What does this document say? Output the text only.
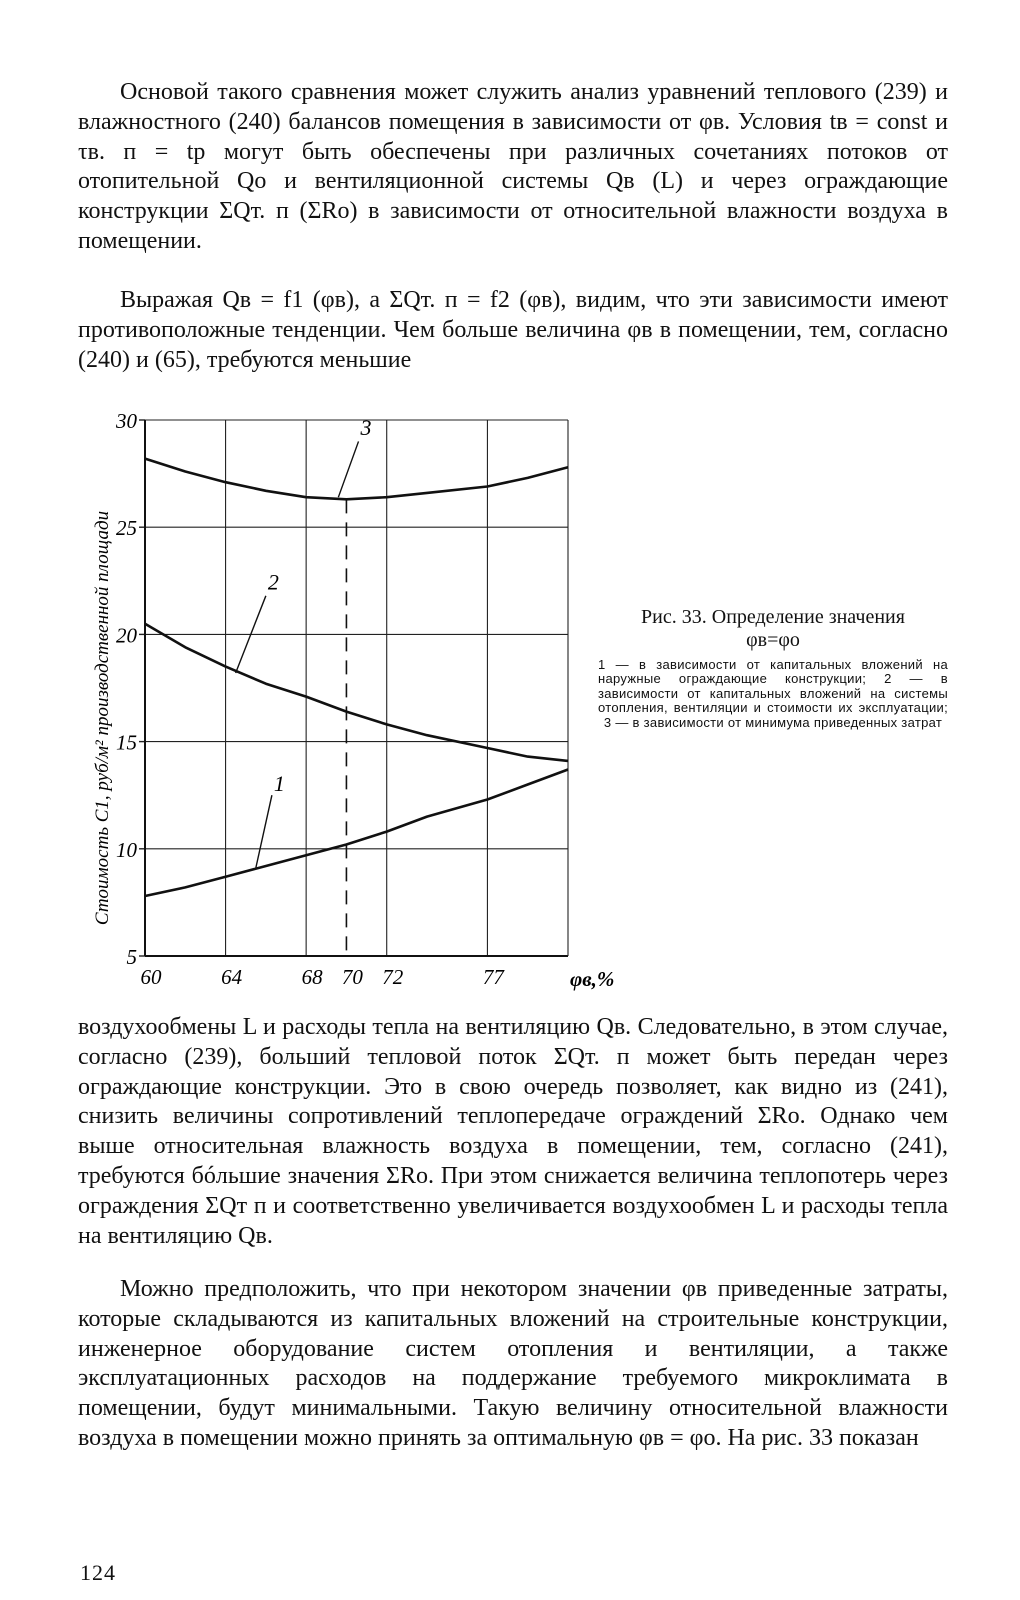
Основой такого сравнения может служить анализ уравнений теплового (239) и влажностного (240) балансов помещения в зависимости от φв. Условия tв = const и τв. п = tр могут быть обеспечены при различных сочетаниях потоков от отопительной Qо и вентиляционной системы Qв (L) и через ограждающие конструкции ΣQт. п (ΣRо) в зависимости от относительной влажности воздуха в помещении.

Выражая Qв = f1 (φв), а ΣQт. п = f2 (φв), видим, что эти зависимости имеют противоположные тенденции. Чем больше величина φв в помещении, тем, согласно (240) и (65), требуются меньшие

5
10
15
20
25
30
60	64	68 70 72	77	φв,%
Стоимость С1, руб/м² производственной площади	1
2
3

Рис. 33. Определение значения
φв=φо

1 — в зависимости от капитальных вложений на наружные ограждающие конструкции; 2 — в зависимости от капитальных вложений на системы отопления, вентиляции и стоимости их эксплуатации; 3 — в зависимости от минимума приведенных затрат

воздухообмены L и расходы тепла на вентиляцию Qв. Следовательно, в этом случае, согласно (239), больший тепловой поток ΣQт. п может быть передан через ограждающие конструкции. Это в свою очередь позволяет, как видно из (241), снизить величины сопротивлений теплопередаче ограждений ΣRо. Однако чем выше относительная влажность воздуха в помещении, тем, согласно (241), требуются бóльшие значения ΣRо. При этом снижается величина теплопотерь через ограждения ΣQт п и соответственно увеличивается воздухообмен L и расходы тепла на вентиляцию Qв.

Можно предположить, что при некотором значении φв приведенные затраты, которые складываются из капитальных вложений на строительные конструкции, инженерное оборудование систем отопления и вентиляции, а также эксплуатационных расходов на поддержание требуемого микроклимата в помещении, будут минимальными. Такую величину относительной влажности воздуха в помещении можно принять за оптимальную φв = φо. На рис. 33 показан

124
